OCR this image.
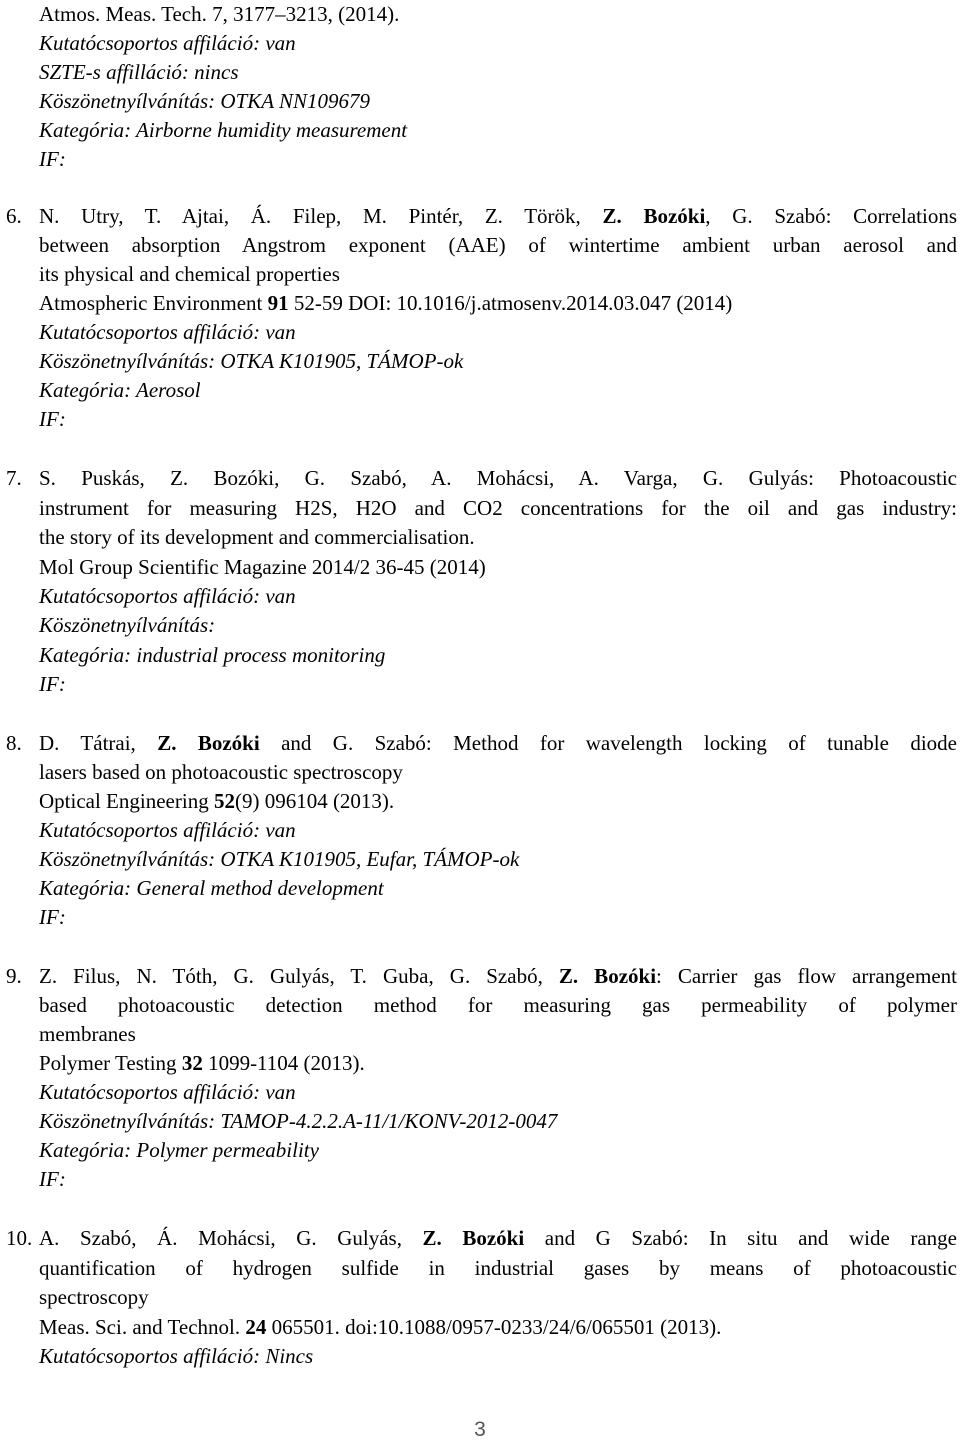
Atmos. Meas. Tech. 7, 3177–3213, (2014).
Kutatócsoportos affiláció: van
SZTE-s affilláció: nincs
Köszönetnyílvánítás: OTKA NN109679
Kategória: Airborne humidity measurement
IF:
6. N. Utry, T. Ajtai, Á. Filep, M. Pintér, Z. Török, Z. Bozóki, G. Szabó: Correlations
between absorption Angstrom exponent (AAE) of wintertime ambient urban aerosol and
its physical and chemical properties
Atmospheric Environment 91 52-59 DOI: 10.1016/j.atmosenv.2014.03.047 (2014)
Kutatócsoportos affiláció: van
Köszönetnyílvánítás: OTKA K101905, TÁMOP-ok
Kategória: Aerosol
IF:
7. S. Puskás, Z. Bozóki, G. Szabó, A. Mohácsi, A. Varga, G. Gulyás: Photoacoustic
instrument for measuring H2S, H2O and CO2 concentrations for the oil and gas industry:
the story of its development and commercialisation.
Mol Group Scientific Magazine 2014/2 36-45 (2014)
Kutatócsoportos affiláció: van
Köszönetnyílvánítás:
Kategória: industrial process monitoring
IF:
8. D. Tátrai, Z. Bozóki and G. Szabó: Method for wavelength locking of tunable diode
lasers based on photoacoustic spectroscopy
Optical Engineering 52(9) 096104 (2013).
Kutatócsoportos affiláció: van
Köszönetnyílvánítás: OTKA K101905, Eufar, TÁMOP-ok
Kategória: General method development
IF:
9. Z. Filus, N. Tóth, G. Gulyás, T. Guba, G. Szabó, Z. Bozóki: Carrier gas flow arrangement
based photoacoustic detection method for measuring gas permeability of polymer
membranes
Polymer Testing 32 1099-1104 (2013).
Kutatócsoportos affiláció: van
Köszönetnyílvánítás: TAMOP-4.2.2.A-11/1/KONV-2012-0047
Kategória: Polymer permeability
IF:
10. A. Szabó, Á. Mohácsi, G. Gulyás, Z. Bozóki and G Szabó: In situ and wide range
quantification of hydrogen sulfide in industrial gases by means of photoacoustic
spectroscopy
Meas. Sci. and Technol. 24 065501. doi:10.1088/0957-0233/24/6/065501 (2013).
Kutatócsoportos affiláció: Nincs
3
